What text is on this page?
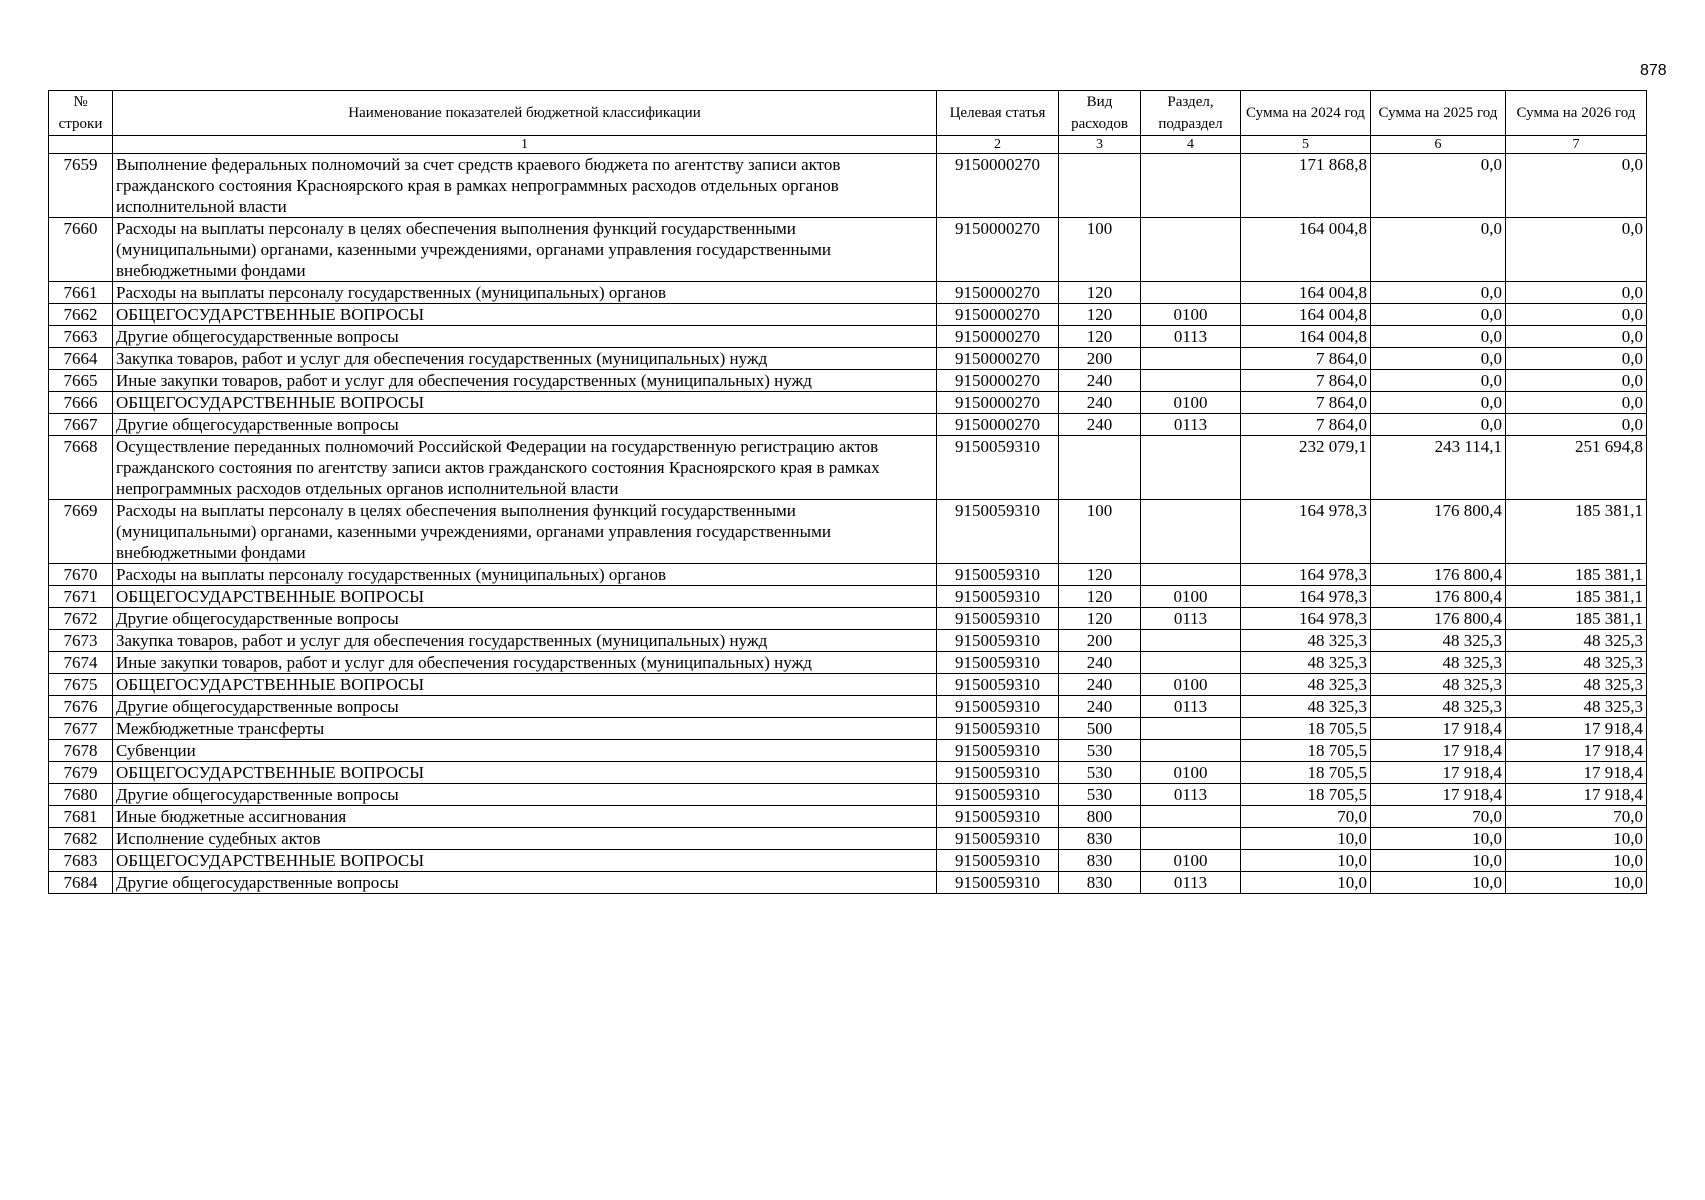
878
№ строки	Наименование показателей бюджетной классификации	Целевая статья	Вид расходов	Раздел, подраздел	Сумма на 2024 год	Сумма на 2025 год	Сумма на 2026 год
	1	2	3	4	5	6	7
7659	Выполнение федеральных полномочий за счет средств краевого бюджета по агентству записи актов гражданского состояния Красноярского края в рамках непрограммных расходов отдельных органов исполнительной власти	9150000270			171 868,8	0,0	0,0
7660	Расходы на выплаты персоналу в целях обеспечения выполнения функций государственными (муниципальными) органами, казенными учреждениями, органами управления государственными внебюджетными фондами	9150000270	100		164 004,8	0,0	0,0
7661	Расходы на выплаты персоналу государственных (муниципальных) органов	9150000270	120		164 004,8	0,0	0,0
7662	ОБЩЕГОСУДАРСТВЕННЫЕ ВОПРОСЫ	9150000270	120	0100	164 004,8	0,0	0,0
7663	Другие общегосударственные вопросы	9150000270	120	0113	164 004,8	0,0	0,0
7664	Закупка товаров, работ и услуг для обеспечения государственных (муниципальных) нужд	9150000270	200		7 864,0	0,0	0,0
7665	Иные закупки товаров, работ и услуг для обеспечения государственных (муниципальных) нужд	9150000270	240		7 864,0	0,0	0,0
7666	ОБЩЕГОСУДАРСТВЕННЫЕ ВОПРОСЫ	9150000270	240	0100	7 864,0	0,0	0,0
7667	Другие общегосударственные вопросы	9150000270	240	0113	7 864,0	0,0	0,0
7668	Осуществление переданных полномочий Российской Федерации на государственную регистрацию актов гражданского состояния по агентству записи актов гражданского состояния Красноярского края в рамках непрограммных расходов отдельных органов исполнительной власти	9150059310			232 079,1	243 114,1	251 694,8
7669	Расходы на выплаты персоналу в целях обеспечения выполнения функций государственными (муниципальными) органами, казенными учреждениями, органами управления государственными внебюджетными фондами	9150059310	100		164 978,3	176 800,4	185 381,1
7670	Расходы на выплаты персоналу государственных (муниципальных) органов	9150059310	120		164 978,3	176 800,4	185 381,1
7671	ОБЩЕГОСУДАРСТВЕННЫЕ ВОПРОСЫ	9150059310	120	0100	164 978,3	176 800,4	185 381,1
7672	Другие общегосударственные вопросы	9150059310	120	0113	164 978,3	176 800,4	185 381,1
7673	Закупка товаров, работ и услуг для обеспечения государственных (муниципальных) нужд	9150059310	200		48 325,3	48 325,3	48 325,3
7674	Иные закупки товаров, работ и услуг для обеспечения государственных (муниципальных) нужд	9150059310	240		48 325,3	48 325,3	48 325,3
7675	ОБЩЕГОСУДАРСТВЕННЫЕ ВОПРОСЫ	9150059310	240	0100	48 325,3	48 325,3	48 325,3
7676	Другие общегосударственные вопросы	9150059310	240	0113	48 325,3	48 325,3	48 325,3
7677	Межбюджетные трансферты	9150059310	500		18 705,5	17 918,4	17 918,4
7678	Субвенции	9150059310	530		18 705,5	17 918,4	17 918,4
7679	ОБЩЕГОСУДАРСТВЕННЫЕ ВОПРОСЫ	9150059310	530	0100	18 705,5	17 918,4	17 918,4
7680	Другие общегосударственные вопросы	9150059310	530	0113	18 705,5	17 918,4	17 918,4
7681	Иные бюджетные ассигнования	9150059310	800		70,0	70,0	70,0
7682	Исполнение судебных актов	9150059310	830		10,0	10,0	10,0
7683	ОБЩЕГОСУДАРСТВЕННЫЕ ВОПРОСЫ	9150059310	830	0100	10,0	10,0	10,0
7684	Другие общегосударственные вопросы	9150059310	830	0113	10,0	10,0	10,0
